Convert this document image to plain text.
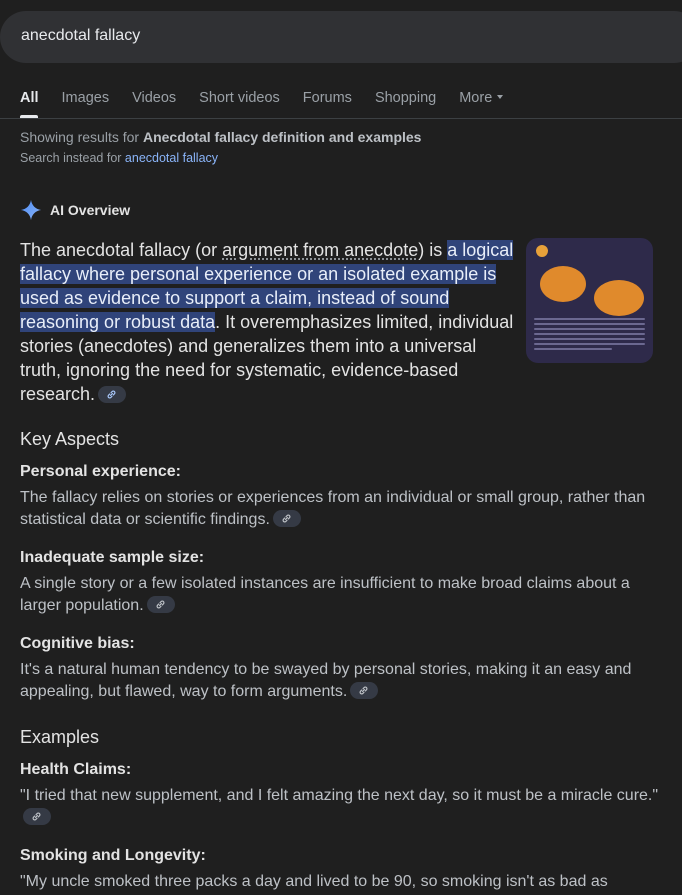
anecdotal fallacy
All Images Videos Short videos Forums Shopping More
Showing results for Anecdotal fallacy definition and examples
Search instead for anecdotal fallacy
AI Overview
The anecdotal fallacy (or argument from anecdote) is a logical fallacy where personal experience or an isolated example is used as evidence to support a claim, instead of sound reasoning or robust data. It overemphasizes limited, individual stories (anecdotes) and generalizes them into a universal truth, ignoring the need for systematic, evidence-based research.
Key Aspects
Personal experience:
The fallacy relies on stories or experiences from an individual or small group, rather than statistical data or scientific findings.
Inadequate sample size:
A single story or a few isolated instances are insufficient to make broad claims about a larger population.
Cognitive bias:
It's a natural human tendency to be swayed by personal stories, making it an easy and appealing, but flawed, way to form arguments.
Examples
Health Claims:
"I tried that new supplement, and I felt amazing the next day, so it must be a miracle cure."
Smoking and Longevity:
"My uncle smoked three packs a day and lived to be 90, so smoking isn't as bad as
